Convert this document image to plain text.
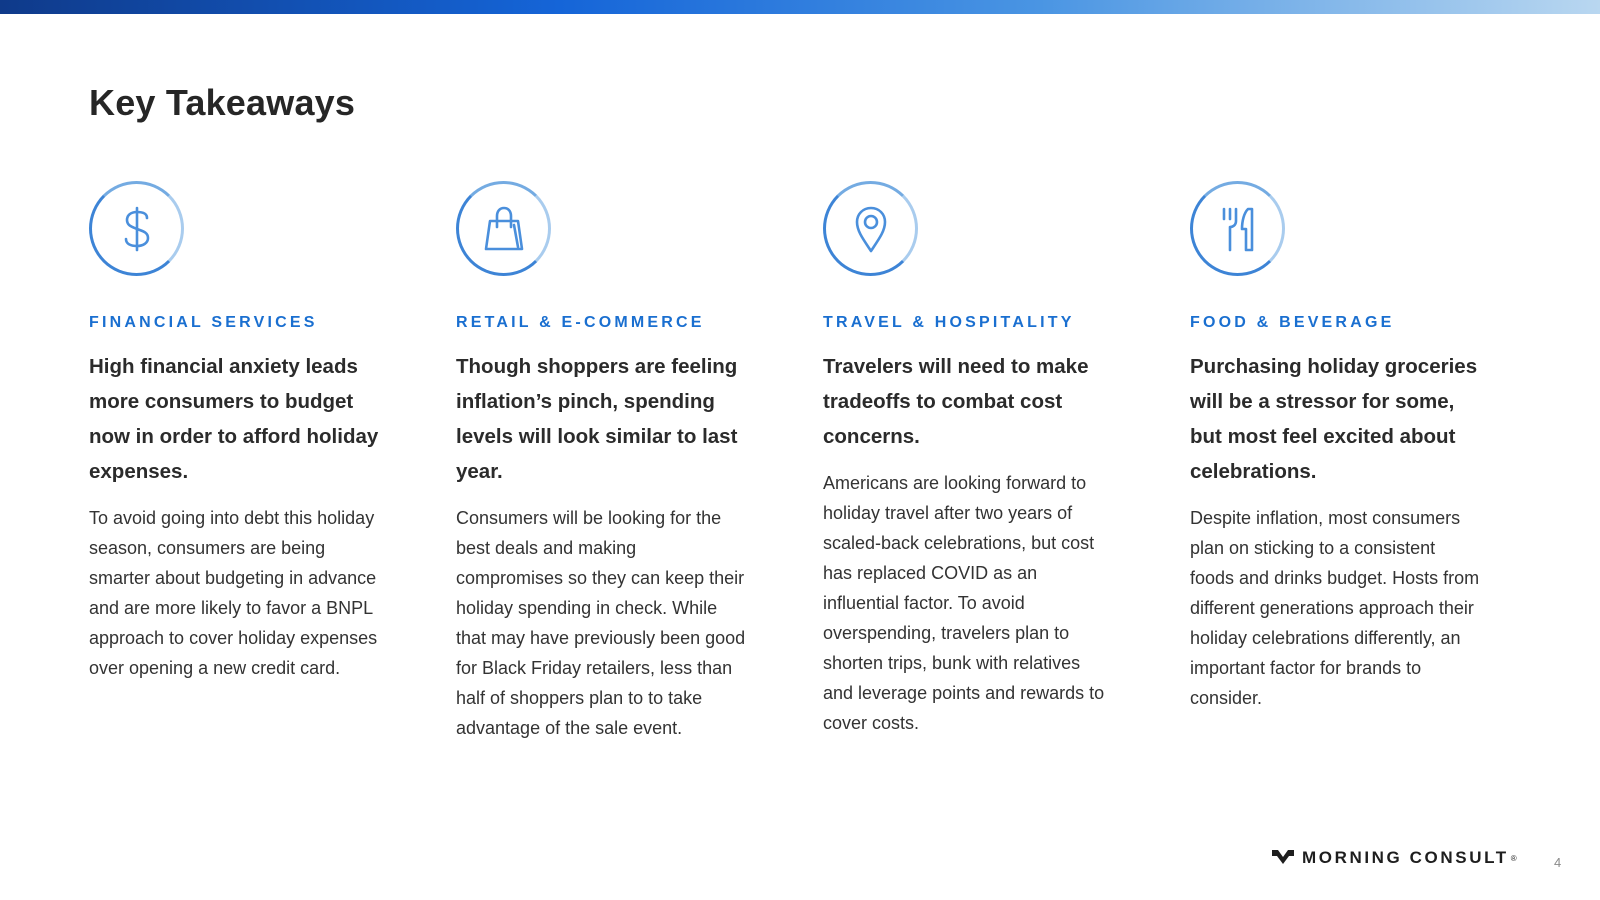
Key Takeaways
FINANCIAL SERVICES
High financial anxiety leads more consumers to budget now in order to afford holiday expenses.
To avoid going into debt this holiday season, consumers are being smarter about budgeting in advance and are more likely to favor a BNPL approach to cover holiday expenses over opening a new credit card.
RETAIL & E-COMMERCE
Though shoppers are feeling inflation’s pinch, spending levels will look similar to last year.
Consumers will be looking for the best deals and making compromises so they can keep their holiday spending in check. While that may have previously been good for Black Friday retailers, less than half of shoppers plan to to take advantage of the sale event.
TRAVEL & HOSPITALITY
Travelers will need to make tradeoffs to combat cost concerns.
Americans are looking forward to holiday travel after two years of scaled-back celebrations, but cost has replaced COVID as an influential factor. To avoid overspending, travelers plan to shorten trips, bunk with relatives and leverage points and rewards to cover costs.
FOOD & BEVERAGE
Purchasing holiday groceries will be a stressor for some, but most feel excited about celebrations.
Despite inflation, most consumers plan on sticking to a consistent foods and drinks budget. Hosts from different generations approach their holiday celebrations differently, an important factor for brands to consider.
MORNING CONSULT ®	4
